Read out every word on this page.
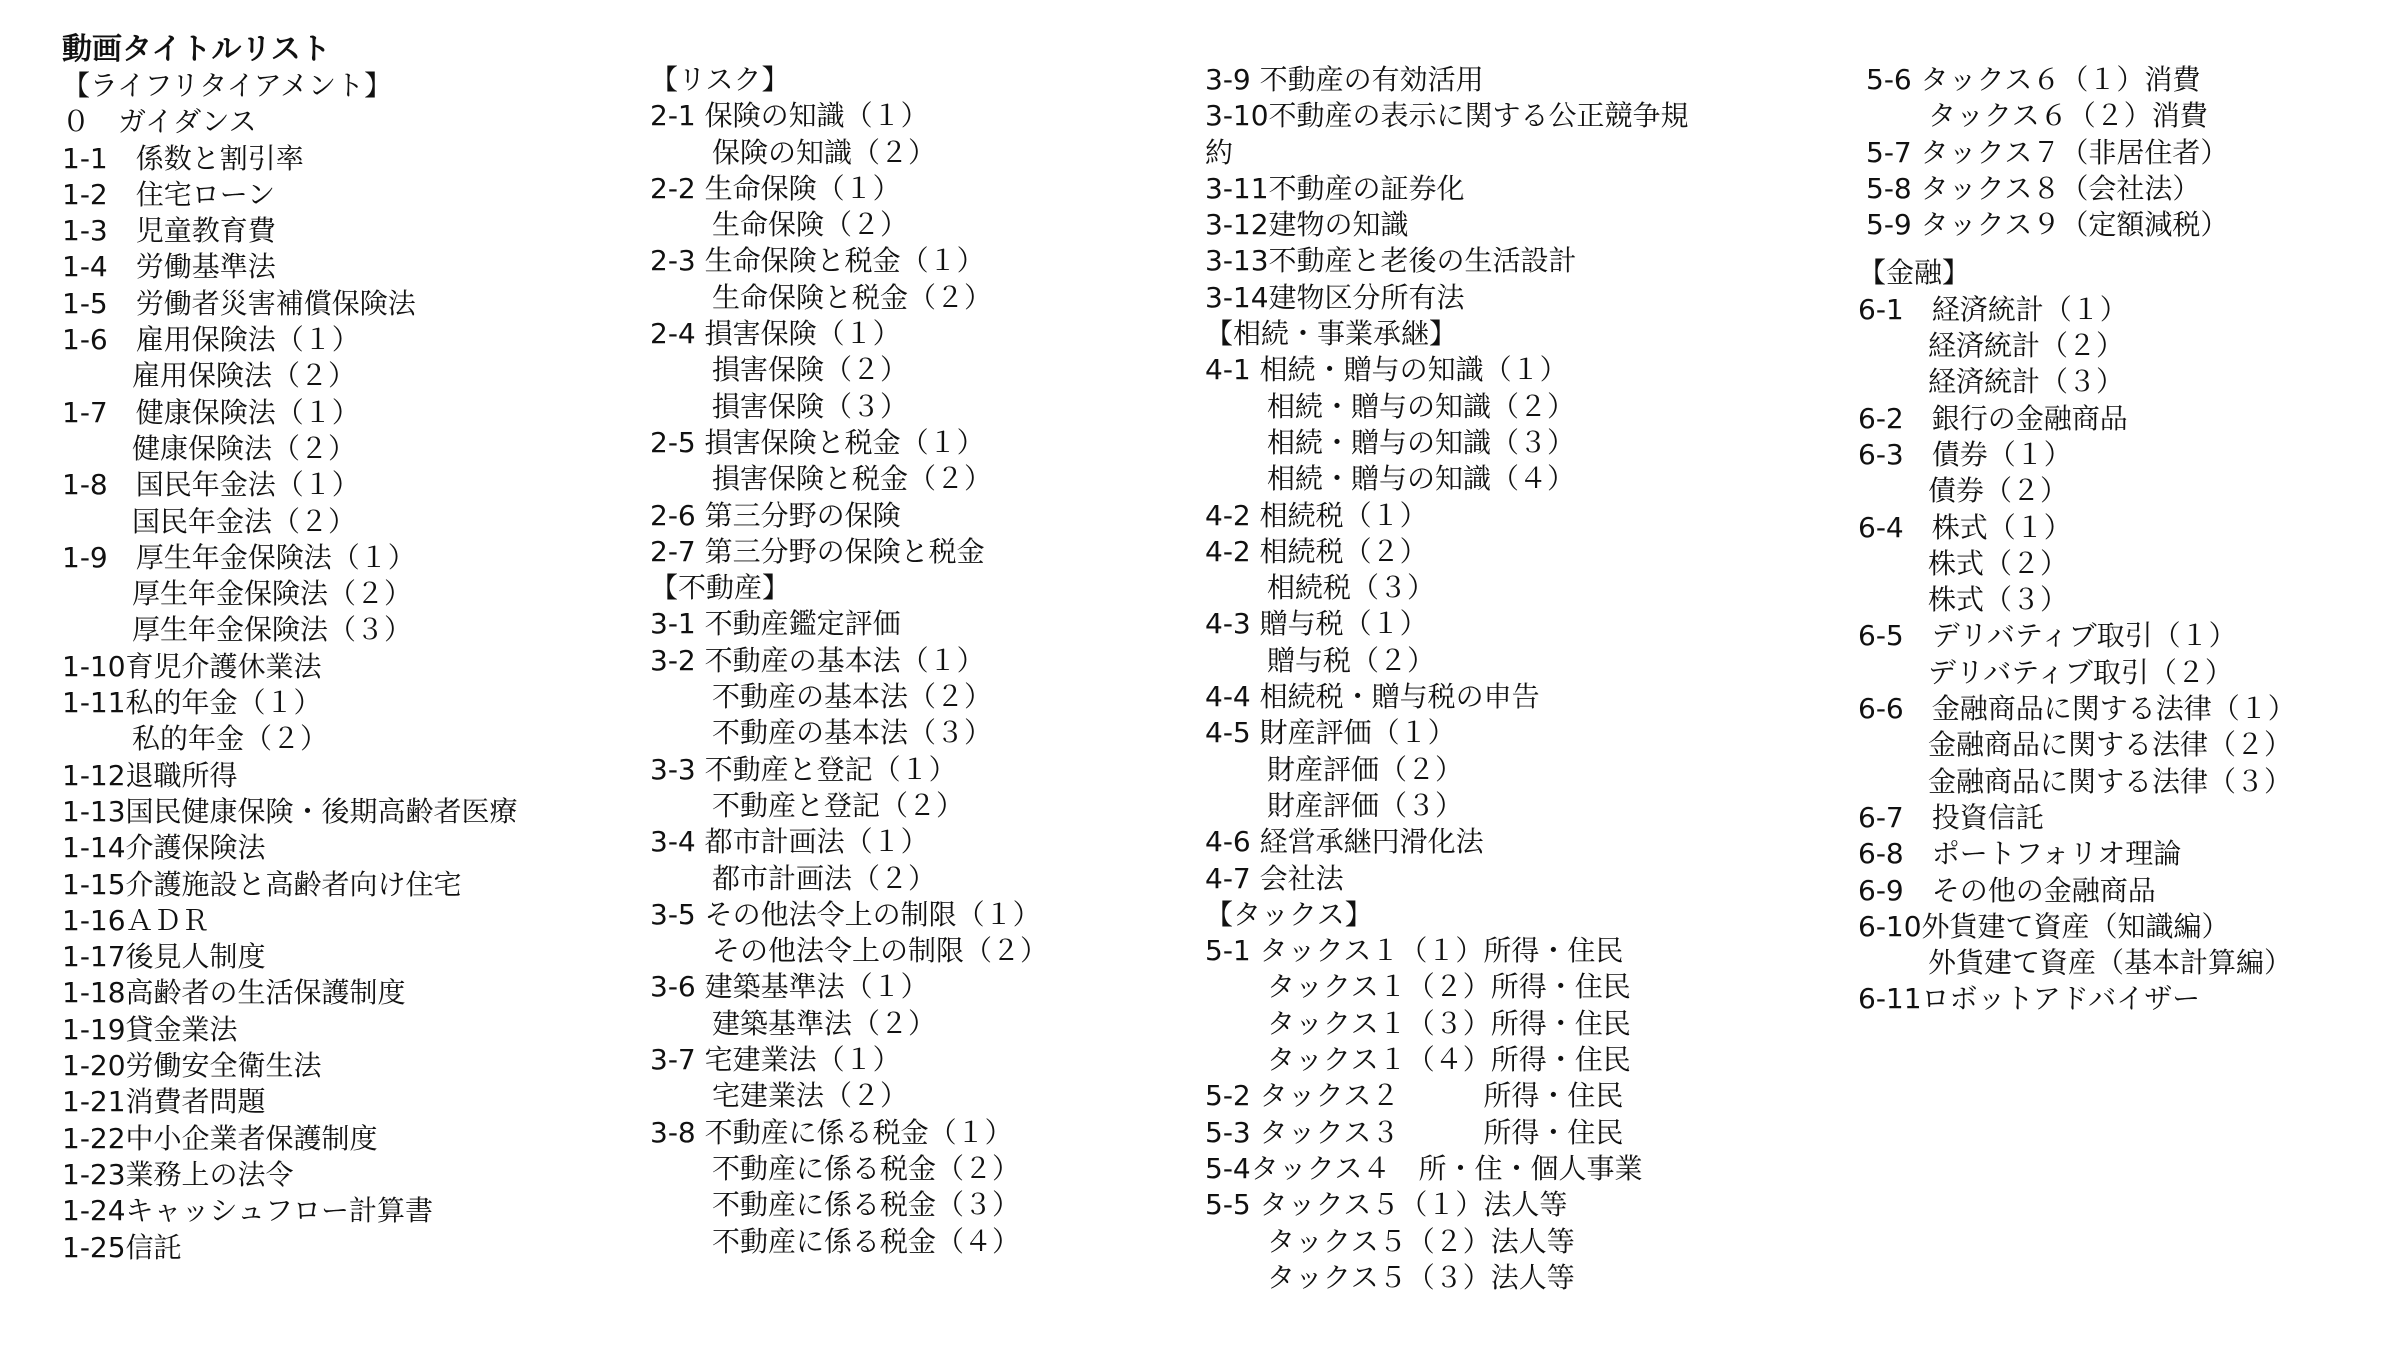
動画タイトルリスト
【ライフリタイアメント】
０　ガイダンス
1-1　係数と割引率
1-2　住宅ローン
1-3　児童教育費
1-4　労働基準法
1-5　労働者災害補償保険法
1-6　雇用保険法（１）
雇用保険法（２）
1-7　健康保険法（１）
健康保険法（２）
1-8　国民年金法（１）
国民年金法（２）
1-9　厚生年金保険法（１）
厚生年金保険法（２）
厚生年金保険法（３）
1-10育児介護休業法
1-11私的年金（１）
私的年金（２）
1-12退職所得
1-13国民健康保険・後期高齢者医療
1-14介護保険法
1-15介護施設と高齢者向け住宅
1-16ＡＤＲ
1-17後見人制度
1-18高齢者の生活保護制度
1-19貸金業法
1-20労働安全衛生法
1-21消費者問題
1-22中小企業者保護制度
1-23業務上の法令
1-24キャッシュフロー計算書
1-25信託
【リスク】
2-1 保険の知識（１）
保険の知識（２）
2-2 生命保険（１）
生命保険（２）
2-3 生命保険と税金（１）
生命保険と税金（２）
2-4 損害保険（１）
損害保険（２）
損害保険（３）
2-5 損害保険と税金（１）
損害保険と税金（２）
2-6 第三分野の保険
2-7 第三分野の保険と税金
【不動産】
3-1 不動産鑑定評価
3-2 不動産の基本法（１）
不動産の基本法（２）
不動産の基本法（３）
3-3 不動産と登記（１）
不動産と登記（２）
3-4 都市計画法（１）
都市計画法（２）
3-5 その他法令上の制限（１）
その他法令上の制限（２）
3-6 建築基準法（１）
建築基準法（２）
3-7 宅建業法（１）
宅建業法（２）
3-8 不動産に係る税金（１）
不動産に係る税金（２）
不動産に係る税金（３）
不動産に係る税金（４）
3-9 不動産の有効活用
3-10不動産の表示に関する公正競争規
約
3-11不動産の証券化
3-12建物の知識
3-13不動産と老後の生活設計
3-14建物区分所有法
【相続・事業承継】
4-1 相続・贈与の知識（１）
相続・贈与の知識（２）
相続・贈与の知識（３）
相続・贈与の知識（４）
4-2 相続税（１）
4-2 相続税（２）
相続税（３）
4-3 贈与税（１）
贈与税（２）
4-4 相続税・贈与税の申告
4-5 財産評価（１）
財産評価（２）
財産評価（３）
4-6 経営承継円滑化法
4-7 会社法
【タックス】
5-1 タックス１（１）所得・住民
タックス１（２）所得・住民
タックス１（３）所得・住民
タックス１（４）所得・住民
5-2 タックス２　　　所得・住民
5-3 タックス３　　　所得・住民
5-4タックス４　所・住・個人事業
5-5 タックス５（１）法人等
タックス５（２）法人等
タックス５（３）法人等
5-6 タックス６（１）消費
タックス６（２）消費
5-7 タックス７（非居住者）
5-8 タックス８（会社法）
5-9 タックス９（定額減税）
【金融】
6-1　経済統計（１）
経済統計（２）
経済統計（３）
6-2　銀行の金融商品
6-3　債券（１）
債券（２）
6-4　株式（１）
株式（２）
株式（３）
6-5　デリバティブ取引（１）
デリバティブ取引（２）
6-6　金融商品に関する法律（１）
金融商品に関する法律（２）
金融商品に関する法律（３）
6-7　投資信託
6-8　ポートフォリオ理論
6-9　その他の金融商品
6-10外貨建て資産（知識編）
外貨建て資産（基本計算編）
6-11ロボットアドバイザー
